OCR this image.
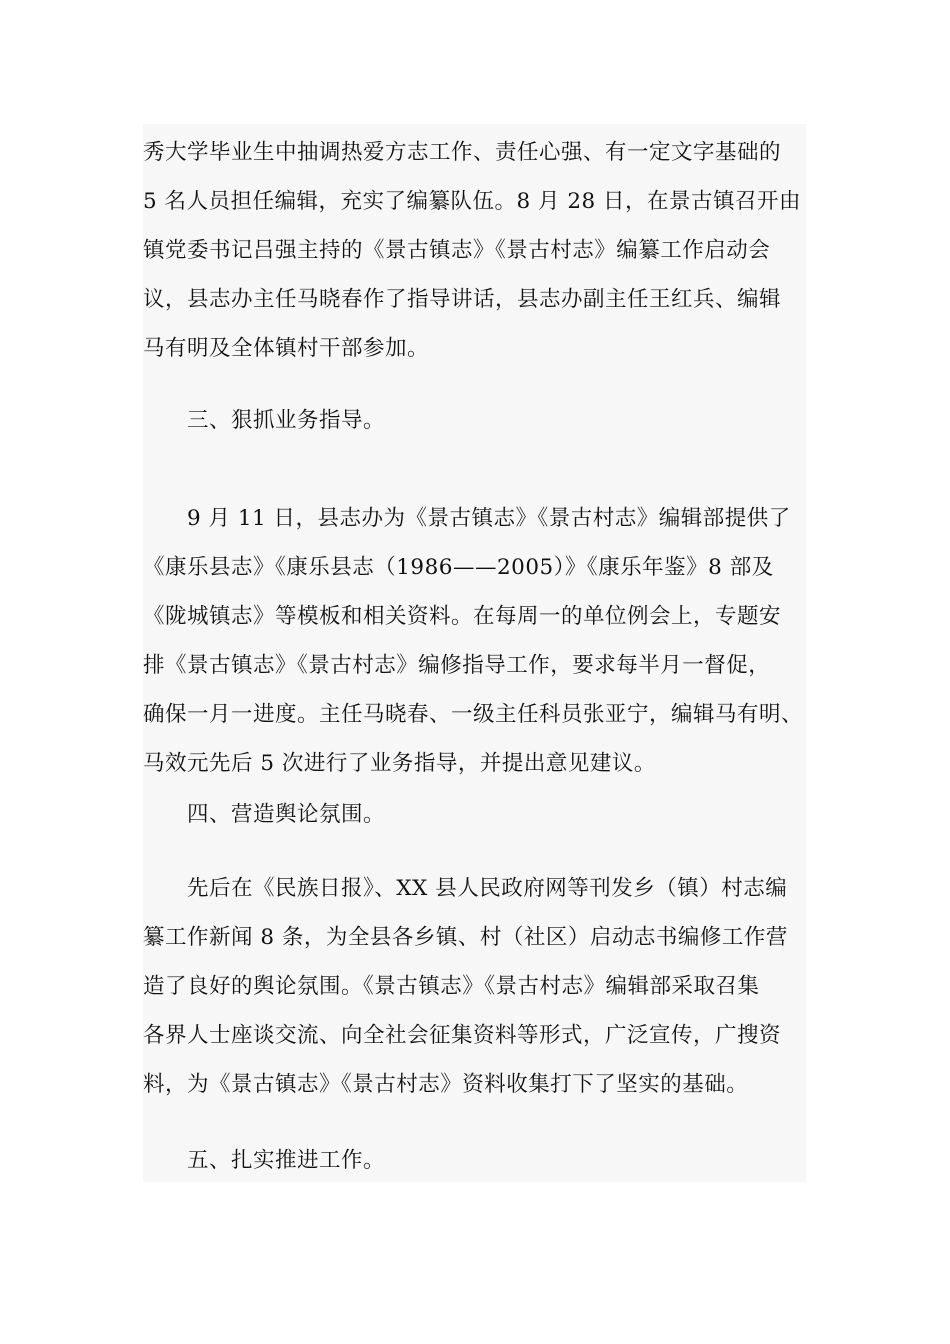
秀大学毕业生中抽调热爱方志工作、责任心强、有一定文字基础的
5 名人员担任编辑，充实了编纂队伍。8 月 28 日，在景古镇召开由
镇党委书记吕强主持的《景古镇志》《景古村志》编纂工作启动会
议，县志办主任马晓春作了指导讲话，县志办副主任王红兵、编辑
马有明及全体镇村干部参加。
三、狠抓业务指导。
9 月 11 日，县志办为《景古镇志》《景古村志》编辑部提供了
《康乐县志》《康乐县志（1986——2005）》《康乐年鉴》8 部及
《陇城镇志》等模板和相关资料。在每周一的单位例会上，专题安
排《景古镇志》《景古村志》编修指导工作，要求每半月一督促，
确保一月一进度。主任马晓春、一级主任科员张亚宁，编辑马有明、
马效元先后 5 次进行了业务指导，并提出意见建议。
四、营造舆论氛围。
先后在《民族日报》、XX 县人民政府网等刊发乡（镇）村志编
纂工作新闻 8 条，为全县各乡镇、村（社区）启动志书编修工作营
造了良好的舆论氛围。《景古镇志》《景古村志》编辑部采取召集
各界人士座谈交流、向全社会征集资料等形式，广泛宣传，广搜资
料，为《景古镇志》《景古村志》资料收集打下了坚实的基础。
五、扎实推进工作。
